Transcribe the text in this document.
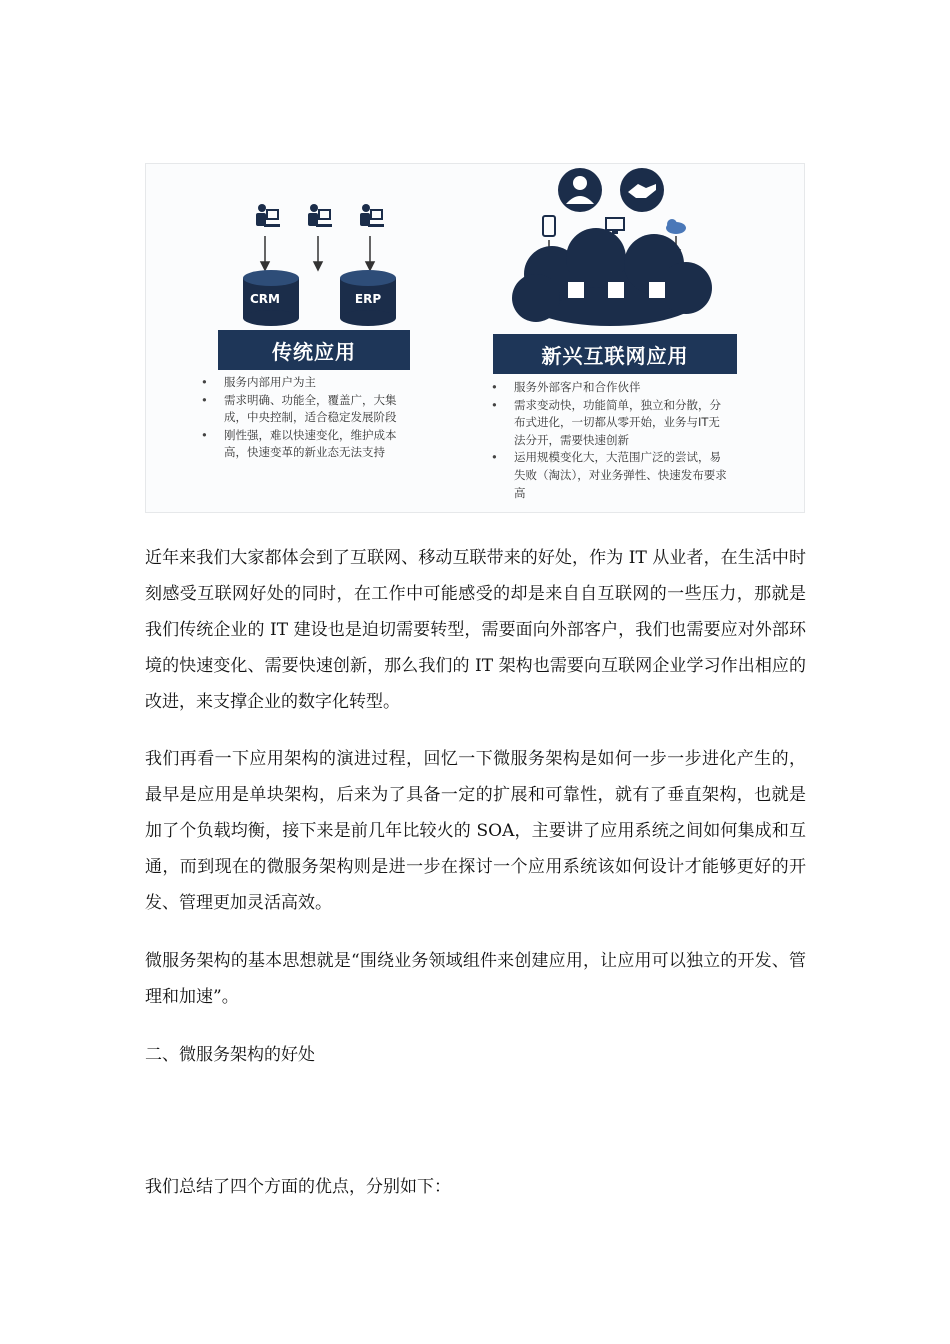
CRM	ERP
传统应用	新兴互联网应用
• 服务内部用户为主
• 需求明确、功能全，覆盖广，大集成，中央控制，适合稳定发展阶段
• 刚性强，难以快速变化，维护成本高，快速变革的新业态无法支持
• 服务外部客户和合作伙伴
• 需求变动快，功能简单，独立和分散，分布式进化，一切都从零开始，业务与IT无法分开，需要快速创新
• 运用规模变化大，大范围广泛的尝试，易失败（淘汰），对业务弹性、快速发布要求高

近年来我们大家都体会到了互联网、移动互联带来的好处，作为 IT 从业者，在生活中时刻感受互联网好处的同时，在工作中可能感受的却是来自自互联网的一些压力，那就是我们传统企业的 IT 建设也是迫切需要转型，需要面向外部客户，我们也需要应对外部环境的快速变化、需要快速创新，那么我们的 IT 架构也需要向互联网企业学习作出相应的改进，来支撑企业的数字化转型。

我们再看一下应用架构的演进过程，回忆一下微服务架构是如何一步一步进化产生的，最早是应用是单块架构，后来为了具备一定的扩展和可靠性，就有了垂直架构，也就是加了个负载均衡，接下来是前几年比较火的 SOA，主要讲了应用系统之间如何集成和互通，而到现在的微服务架构则是进一步在探讨一个应用系统该如何设计才能够更好的开发、管理更加灵活高效。

微服务架构的基本思想就是“围绕业务领域组件来创建应用，让应用可以独立的开发、管理和加速”。

二、微服务架构的好处

我们总结了四个方面的优点，分别如下：
